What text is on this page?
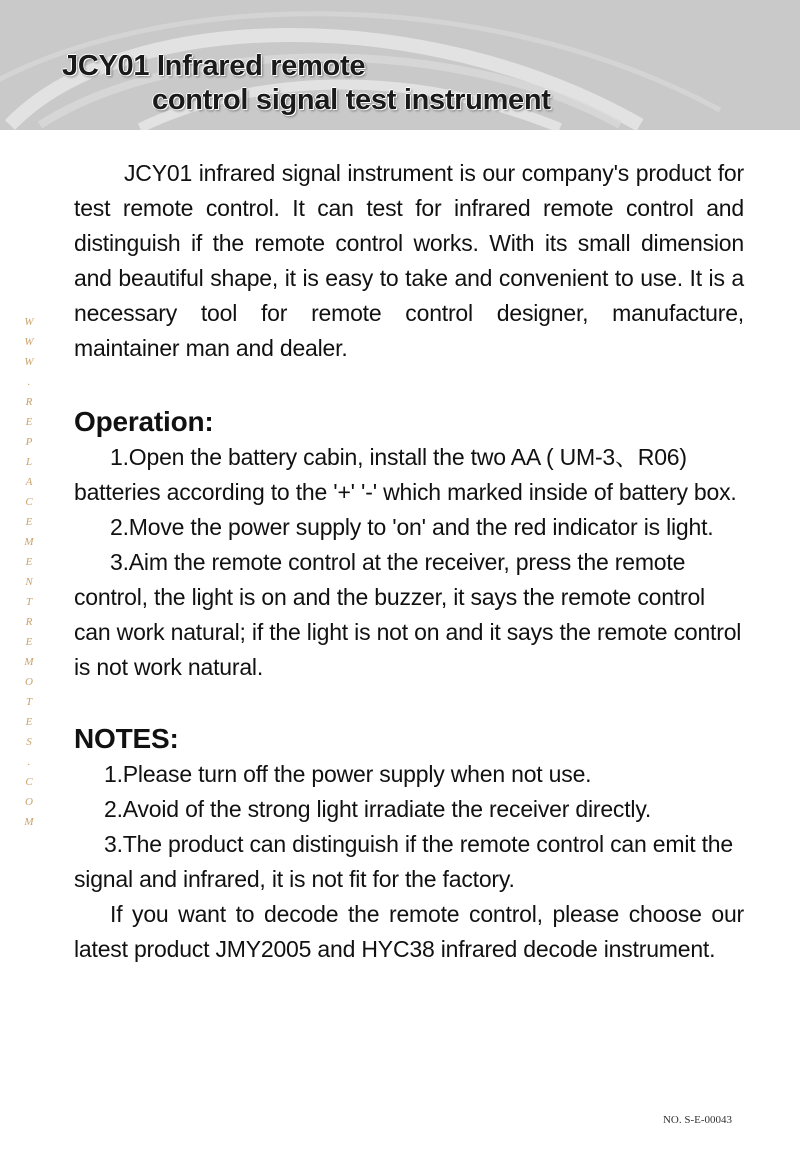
JCY01 Infrared remote
control signal test instrument
W
W
W
.
R
E
P
L
A
C
E
M
E
N
T
R
E
M
O
T
E
S
.
C
O
M

JCY01 infrared signal instrument is our company's product for test remote control. It can test for infrared remote control and distinguish if the remote control works. With its small dimension and beautiful shape, it is easy to take and convenient to use. It is a necessary tool for remote control designer, manufacture, maintainer man and dealer.

Operation:

1.Open the battery cabin, install the two AA ( UM-3、R06) batteries according to the '+' '-' which marked inside of battery box.

2.Move the power supply to 'on' and the red indicator is light.

3.Aim the remote control at the receiver, press the remote control, the light is on and the buzzer, it says the remote control can work natural; if the light is not on and it says the remote control is not work natural.

NOTES:

1.Please turn off the power supply when not use.

2.Avoid of the strong light irradiate the receiver directly.

3.The product can distinguish if the remote control can emit the signal and infrared, it is not fit for the factory.

If you want to decode the remote control, please choose our latest product JMY2005 and HYC38 infrared decode instrument.

NO. S-E-00043
